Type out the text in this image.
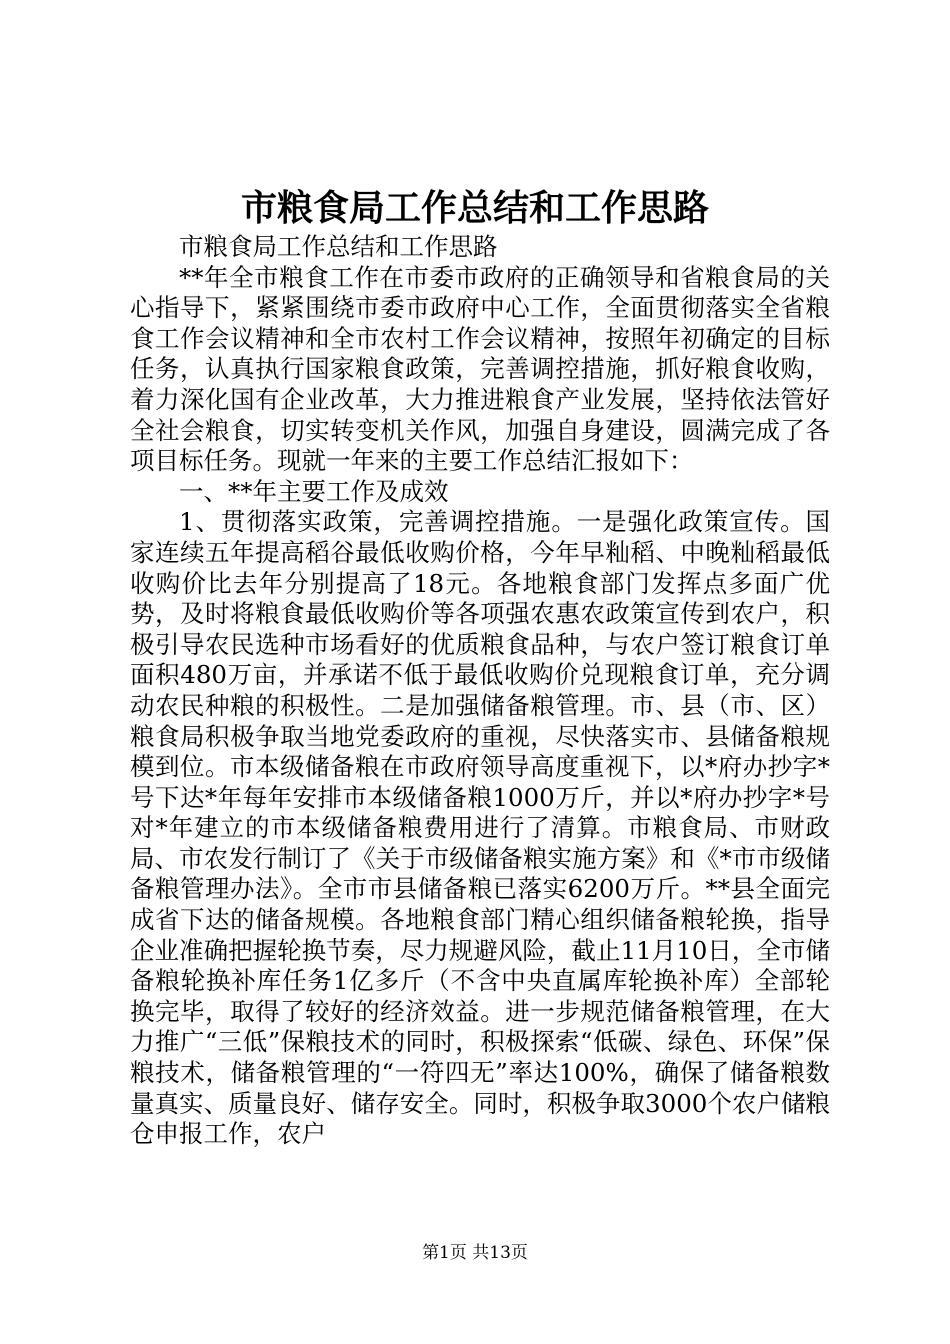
市粮食局工作总结和工作思路

市粮食局工作总结和工作思路

**年全市粮食工作在市委市政府的正确领导和省粮食局的关心指导下，紧紧围绕市委市政府中心工作，全面贯彻落实全省粮食工作会议精神和全市农村工作会议精神，按照年初确定的目标任务，认真执行国家粮食政策，完善调控措施，抓好粮食收购，着力深化国有企业改革，大力推进粮食产业发展，坚持依法管好全社会粮食，切实转变机关作风，加强自身建设，圆满完成了各项目标任务。现就一年来的主要工作总结汇报如下：

一、**年主要工作及成效

1、贯彻落实政策，完善调控措施。一是强化政策宣传。国家连续五年提高稻谷最低收购价格，今年早籼稻、中晚籼稻最低收购价比去年分别提高了18元。各地粮食部门发挥点多面广优势，及时将粮食最低收购价等各项强农惠农政策宣传到农户，积极引导农民选种市场看好的优质粮食品种，与农户签订粮食订单面积480万亩，并承诺不低于最低收购价兑现粮食订单，充分调动农民种粮的积极性。二是加强储备粮管理。市、县（市、区）粮食局积极争取当地党委政府的重视，尽快落实市、县储备粮规模到位。市本级储备粮在市政府领导高度重视下，以*府办抄字*号下达*年每年安排市本级储备粮1000万斤，并以*府办抄字*号对*年建立的市本级储备粮费用进行了清算。市粮食局、市财政局、市农发行制订了《关于市级储备粮实施方案》和《*市市级储备粮管理办法》。全市市县储备粮已落实6200万斤。**县全面完成省下达的储备规模。各地粮食部门精心组织储备粮轮换，指导企业准确把握轮换节奏，尽力规避风险，截止11月10日，全市储备粮轮换补库任务1亿多斤（不含中央直属库轮换补库）全部轮换完毕，取得了较好的经济效益。进一步规范储备粮管理，在大力推广“三低”保粮技术的同时，积极探索“低碳、绿色、环保”保粮技术，储备粮管理的“一符四无”率达100%，确保了储备粮数量真实、质量良好、储存安全。同时，积极争取3000个农户储粮仓申报工作，农户

第1页 共13页
